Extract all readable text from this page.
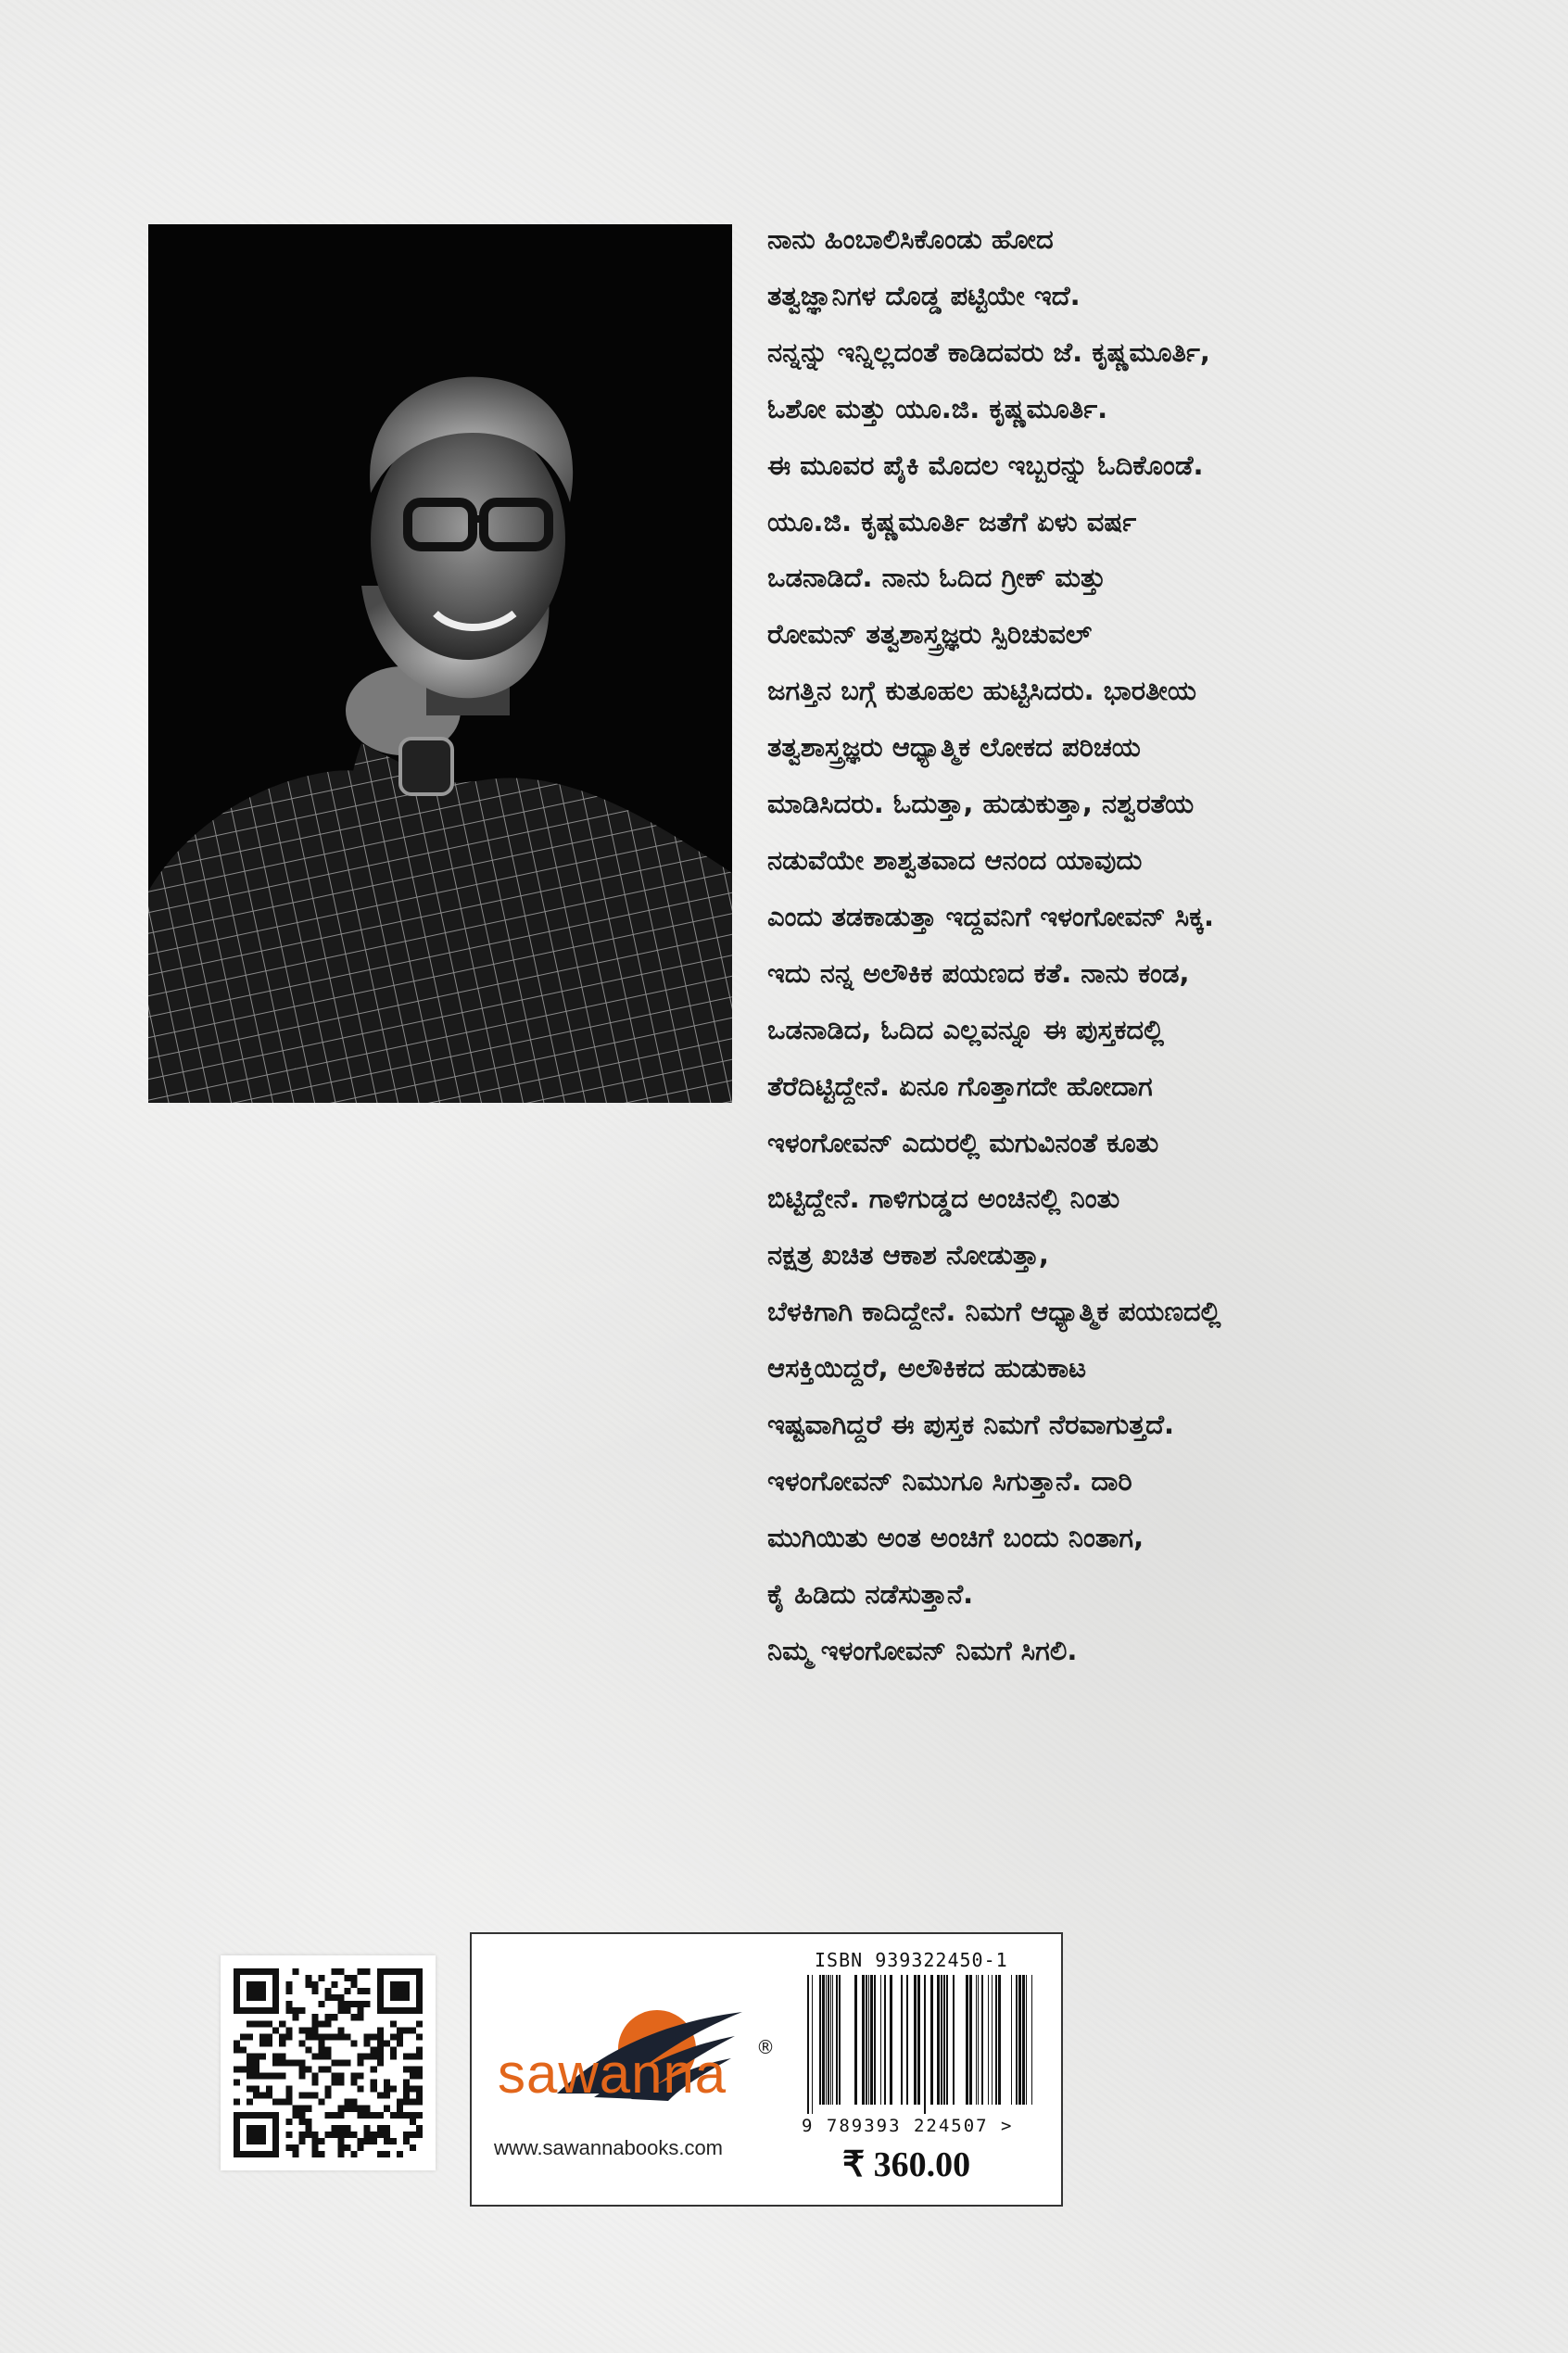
ನಾನು ಹಿಂಬಾಲಿಸಿಕೊಂಡು ಹೋದ
ತತ್ವಜ್ಞಾನಿಗಳ ದೊಡ್ಡ ಪಟ್ಟಿಯೇ ಇದೆ.
ನನ್ನನ್ನು ಇನ್ನಿಲ್ಲದಂತೆ ಕಾಡಿದವರು ಜೆ. ಕೃಷ್ಣಮೂರ್ತಿ,
ಓಶೋ ಮತ್ತು ಯೂ.ಜಿ. ಕೃಷ್ಣಮೂರ್ತಿ.
ಈ ಮೂವರ ಪೈಕಿ ಮೊದಲ ಇಬ್ಬರನ್ನು ಓದಿಕೊಂಡೆ.
ಯೂ.ಜಿ. ಕೃಷ್ಣಮೂರ್ತಿ ಜತೆಗೆ ಏಳು ವರ್ಷ
ಒಡನಾಡಿದೆ. ನಾನು ಓದಿದ ಗ್ರೀಕ್ ಮತ್ತು
ರೋಮನ್ ತತ್ವಶಾಸ್ತ್ರಜ್ಞರು ಸ್ಪಿರಿಚುವಲ್
ಜಗತ್ತಿನ ಬಗ್ಗೆ ಕುತೂಹಲ ಹುಟ್ಟಿಸಿದರು. ಭಾರತೀಯ
ತತ್ವಶಾಸ್ತ್ರಜ್ಞರು ಆಧ್ಯಾತ್ಮಿಕ ಲೋಕದ ಪರಿಚಯ
ಮಾಡಿಸಿದರು. ಓದುತ್ತಾ, ಹುಡುಕುತ್ತಾ, ನಶ್ವರತೆಯ
ನಡುವೆಯೇ ಶಾಶ್ವತವಾದ ಆನಂದ ಯಾವುದು
ಎಂದು ತಡಕಾಡುತ್ತಾ ಇದ್ದವನಿಗೆ ಇಳಂಗೋವನ್ ಸಿಕ್ಕ.
ಇದು ನನ್ನ ಅಲೌಕಿಕ ಪಯಣದ ಕತೆ. ನಾನು ಕಂಡ,
ಒಡನಾಡಿದ, ಓದಿದ ಎಲ್ಲವನ್ನೂ ಈ ಪುಸ್ತಕದಲ್ಲಿ
ತೆರೆದಿಟ್ಟಿದ್ದೇನೆ. ಏನೂ ಗೊತ್ತಾಗದೇ ಹೋದಾಗ
ಇಳಂಗೋವನ್ ಎದುರಲ್ಲಿ ಮಗುವಿನಂತೆ ಕೂತು
ಬಿಟ್ಟಿದ್ದೇನೆ. ಗಾಳಿಗುಡ್ಡದ ಅಂಚಿನಲ್ಲಿ ನಿಂತು
ನಕ್ಷತ್ರ ಖಚಿತ ಆಕಾಶ ನೋಡುತ್ತಾ,
ಬೆಳಕಿಗಾಗಿ ಕಾದಿದ್ದೇನೆ. ನಿಮಗೆ ಆಧ್ಯಾತ್ಮಿಕ ಪಯಣದಲ್ಲಿ
ಆಸಕ್ತಿಯಿದ್ದರೆ, ಅಲೌಕಿಕದ ಹುಡುಕಾಟ
ಇಷ್ಟವಾಗಿದ್ದರೆ ಈ ಪುಸ್ತಕ ನಿಮಗೆ ನೆರವಾಗುತ್ತದೆ.
ಇಳಂಗೋವನ್ ನಿಮುಗೂ ಸಿಗುತ್ತಾನೆ. ದಾರಿ
ಮುಗಿಯಿತು ಅಂತ ಅಂಚಿಗೆ ಬಂದು ನಿಂತಾಗ,
ಕೈ ಹಿಡಿದು ನಡೆಸುತ್ತಾನೆ.
ನಿಮ್ಮ ಇಳಂಗೋವನ್ ನಿಮಗೆ ಸಿಗಲಿ.
®
sawanna
www.sawannabooks.com
ISBN 939322450-1
9 789393 224507 >
₹ 360.00
